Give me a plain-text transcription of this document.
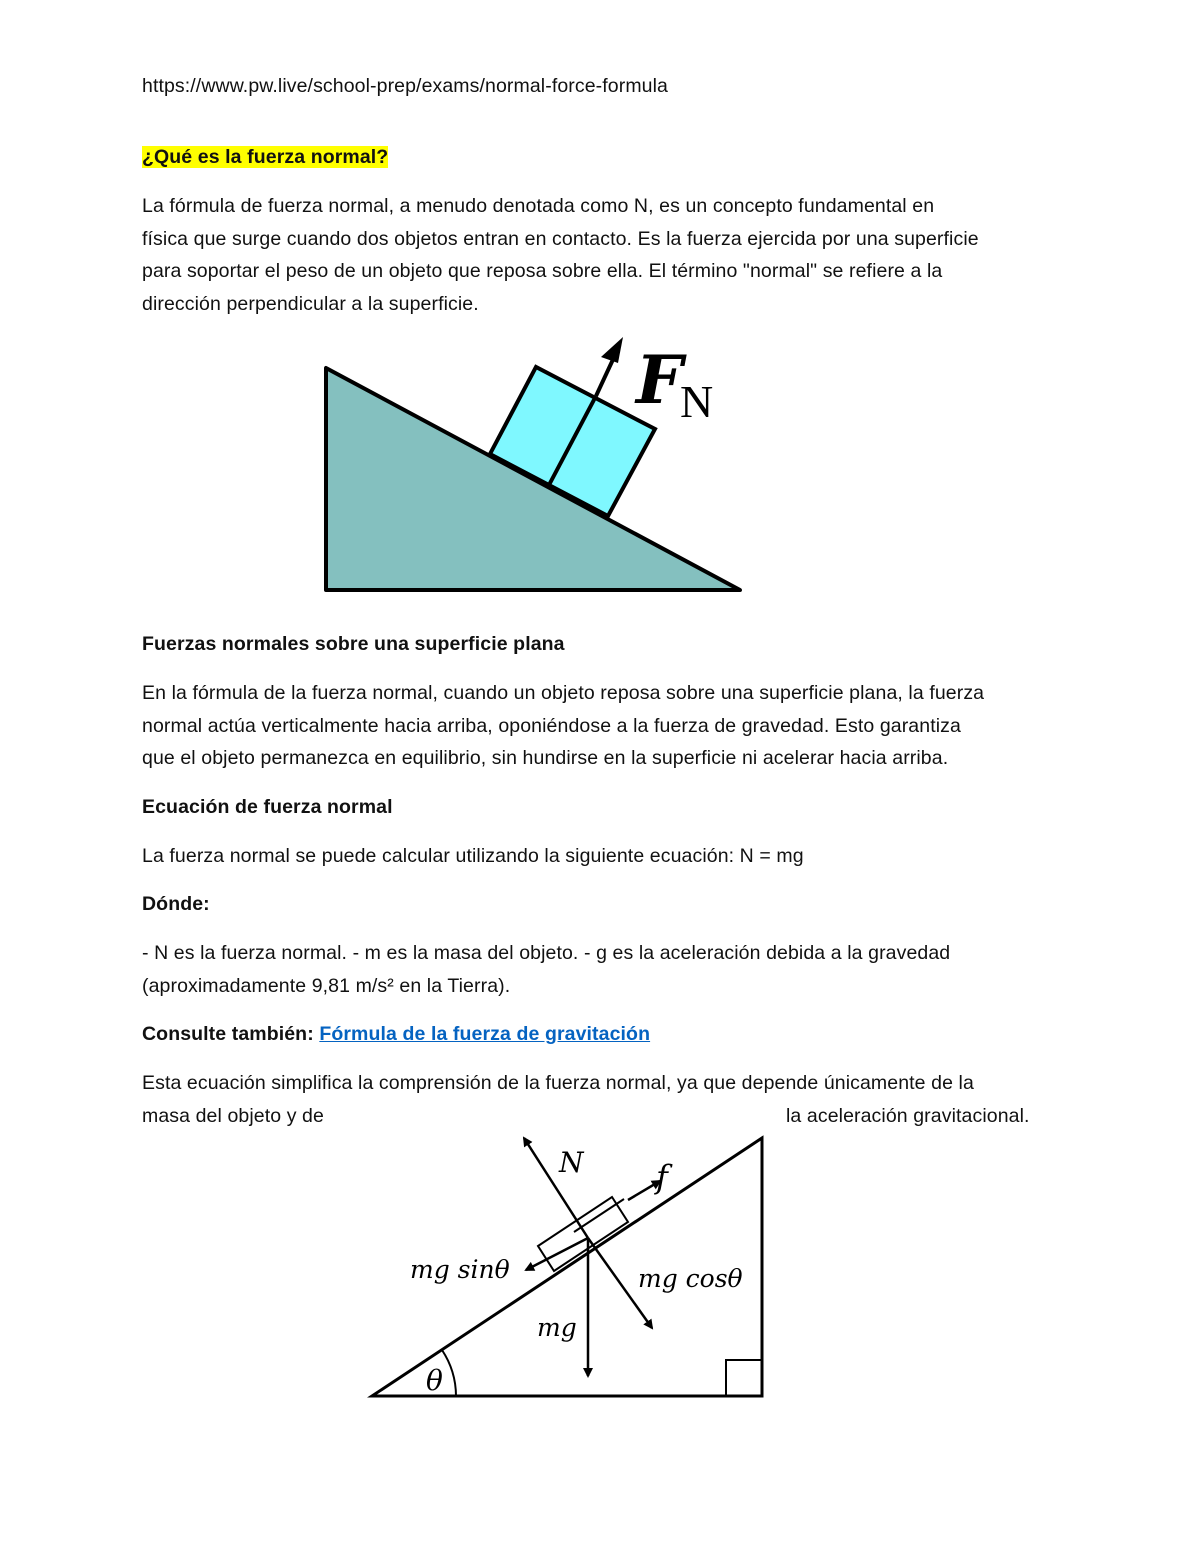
https://www.pw.live/school-prep/exams/normal-force-formula

¿Qué es la fuerza normal?

La fórmula de fuerza normal, a menudo denotada como N, es un concepto fundamental en
física que surge cuando dos objetos entran en contacto. Es la fuerza ejercida por una superficie
para soportar el peso de un objeto que reposa sobre ella. El término "normal" se refiere a la
dirección perpendicular a la superficie.

F
N

Fuerzas normales sobre una superficie plana

En la fórmula de la fuerza normal, cuando un objeto reposa sobre una superficie plana, la fuerza
normal actúa verticalmente hacia arriba, oponiéndose a la fuerza de gravedad. Esto garantiza
que el objeto permanezca en equilibrio, sin hundirse en la superficie ni acelerar hacia arriba.

Ecuación de fuerza normal

La fuerza normal se puede calcular utilizando la siguiente ecuación: N = mg

Dónde:

- N es la fuerza normal. - m es la masa del objeto. - g es la aceleración debida a la gravedad
(aproximadamente 9,81 m/s² en la Tierra).

Consulte también: Fórmula de la fuerza de gravitación

Esta ecuación simplifica la comprensión de la fuerza normal, ya que depende únicamente de la

masa del objeto y de	la aceleración gravitacional.

N f
mg sinθ	mg cosθ
mg
θ
